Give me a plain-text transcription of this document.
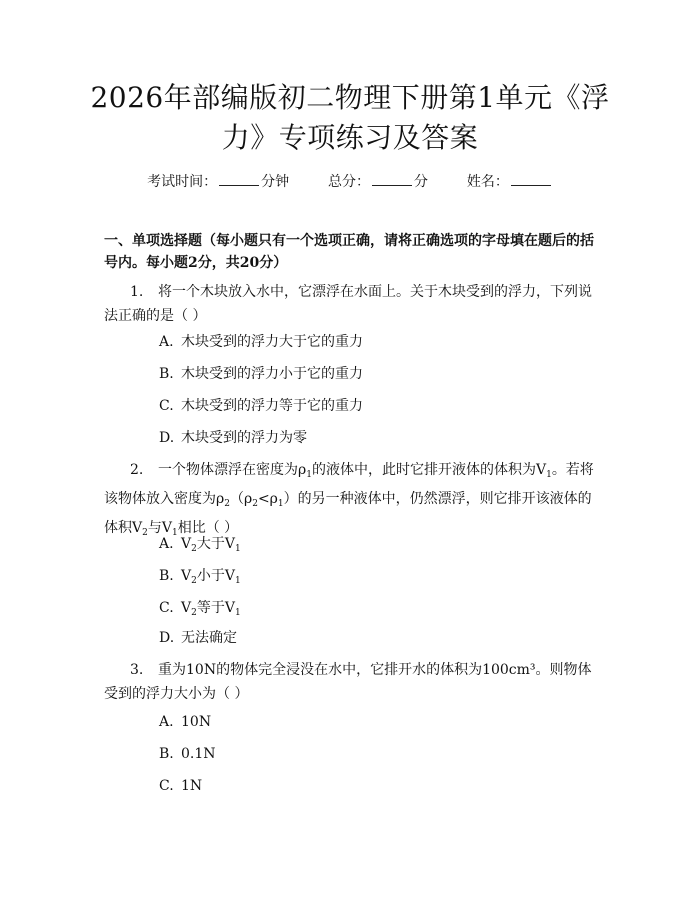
2026年部编版初二物理下册第1单元《浮
力》专项练习及答案
考试时间：	分钟	总分：	分	姓名：
一、单项选择题（每小题只有一个选项正确，请将正确选项的字母填在题后的括号内。每小题2分，共20分）
1. 将一个木块放入水中，它漂浮在水面上。关于木块受到的浮力，下列说法正确的是（ ）
A. 木块受到的浮力大于它的重力
B. 木块受到的浮力小于它的重力
C. 木块受到的浮力等于它的重力
D. 木块受到的浮力为零
2. 一个物体漂浮在密度为$\rho_1$的液体中，此时它排开液体的体积为$V_1$。若将该物体放入密度为$\rho_2(\rho_2<\rho_1)$的另一种液体中，仍然漂浮，则它排开该液体的体积$V_2$与$V_1$相比（ ）
A. $V_2$大于$V_1$
B. $V_2$小于$V_1$
C. $V_2$等于$V_1$
D. 无法确定
3. 重为10N的物体完全浸没在水中，它排开水的体积为100cm³。则物体受到的浮力大小为（ ）
A. 10N
B. 0.1N
C. 1N
